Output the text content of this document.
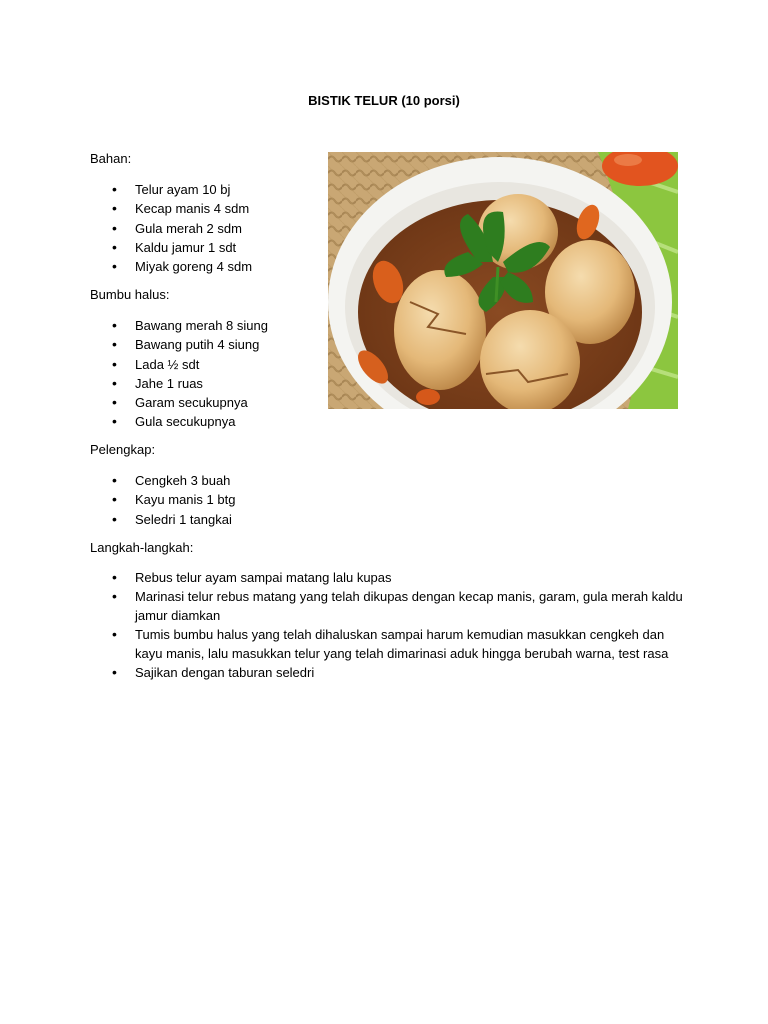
BISTIK TELUR (10 porsi)
Bahan:
• Telur ayam 10 bj
• Kecap manis 4 sdm
• Gula merah 2 sdm
• Kaldu jamur 1 sdt
• Miyak goreng 4 sdm
Bumbu halus:
• Bawang merah 8 siung
• Bawang putih 4 siung
• Lada ½ sdt
• Jahe 1 ruas
• Garam secukupnya
• Gula secukupnya
Pelengkap:
• Cengkeh 3 buah
• Kayu manis 1 btg
• Seledri 1 tangkai
Langkah-langkah:
• Rebus telur ayam sampai matang lalu kupas
• Marinasi telur rebus matang yang telah dikupas dengan kecap manis, garam, gula merah kaldu jamur diamkan
• Tumis bumbu halus yang telah dihaluskan sampai harum kemudian masukkan cengkeh dan kayu manis, lalu masukkan telur yang telah dimarinasi aduk hingga berubah warna, test rasa
• Sajikan dengan taburan seledri
